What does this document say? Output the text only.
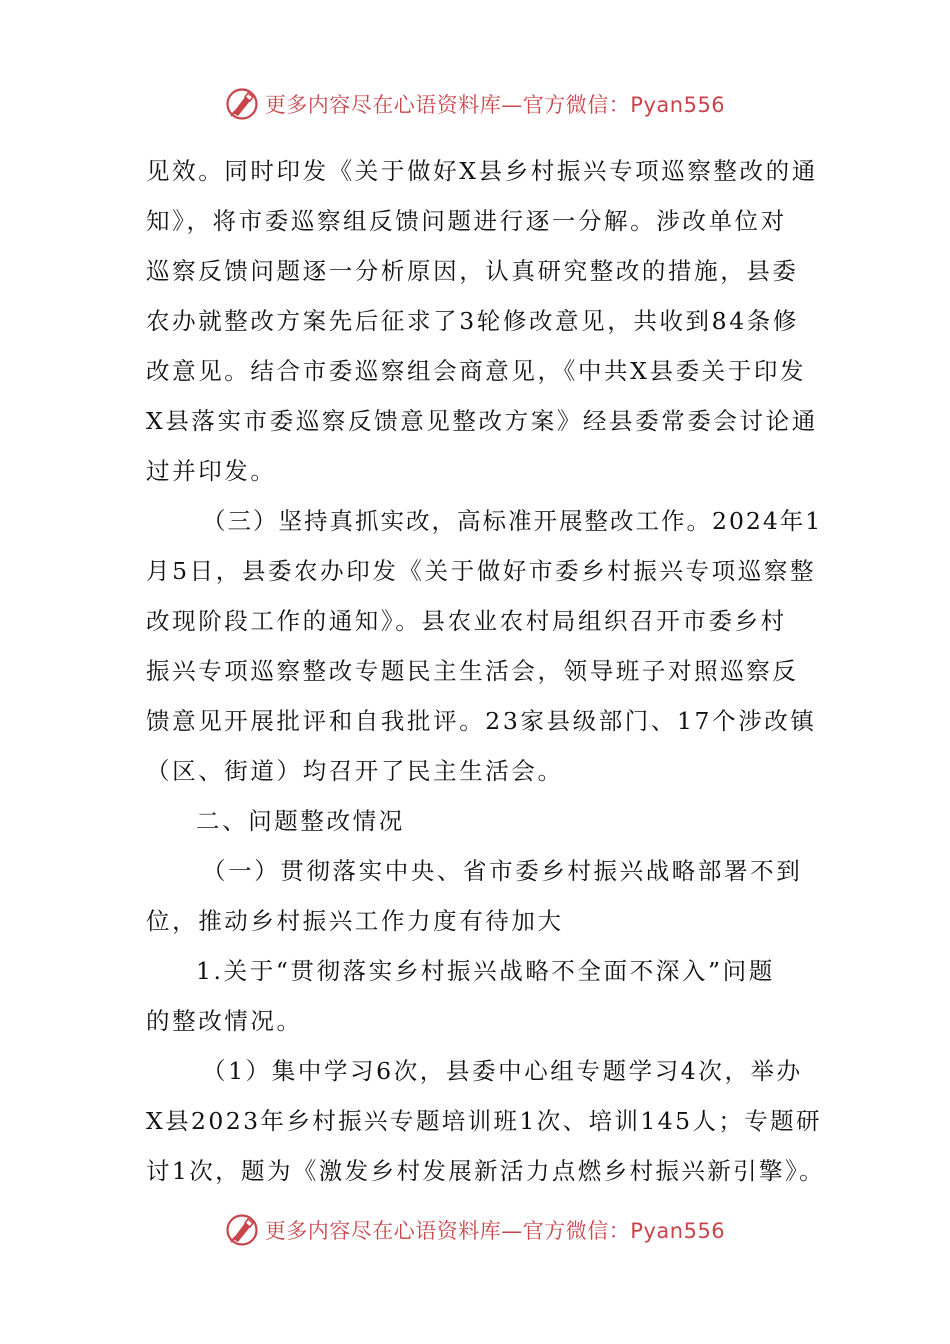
更多内容尽在心语资料库—官方微信：Pyan556
见效。同时印发《关于做好X县乡村振兴专项巡察整改的通
知》，将市委巡察组反馈问题进行逐一分解。涉改单位对
巡察反馈问题逐一分析原因，认真研究整改的措施，县委
农办就整改方案先后征求了3轮修改意见，共收到84条修
改意见。结合市委巡察组会商意见，《中共X县委关于印发
X县落实市委巡察反馈意见整改方案》经县委常委会讨论通
过并印发。
（三）坚持真抓实改，高标准开展整改工作。2024年1
月5日，县委农办印发《关于做好市委乡村振兴专项巡察整
改现阶段工作的通知》。县农业农村局组织召开市委乡村
振兴专项巡察整改专题民主生活会，领导班子对照巡察反
馈意见开展批评和自我批评。23家县级部门、17个涉改镇
（区、街道）均召开了民主生活会。
二、问题整改情况
（一）贯彻落实中央、省市委乡村振兴战略部署不到
位，推动乡村振兴工作力度有待加大
1.关于“贯彻落实乡村振兴战略不全面不深入”问题
的整改情况。
（1）集中学习6次，县委中心组专题学习4次，举办
X县2023年乡村振兴专题培训班1次、培训145人；专题研
讨1次，题为《激发乡村发展新活力点燃乡村振兴新引擎》。
更多内容尽在心语资料库—官方微信：Pyan556
